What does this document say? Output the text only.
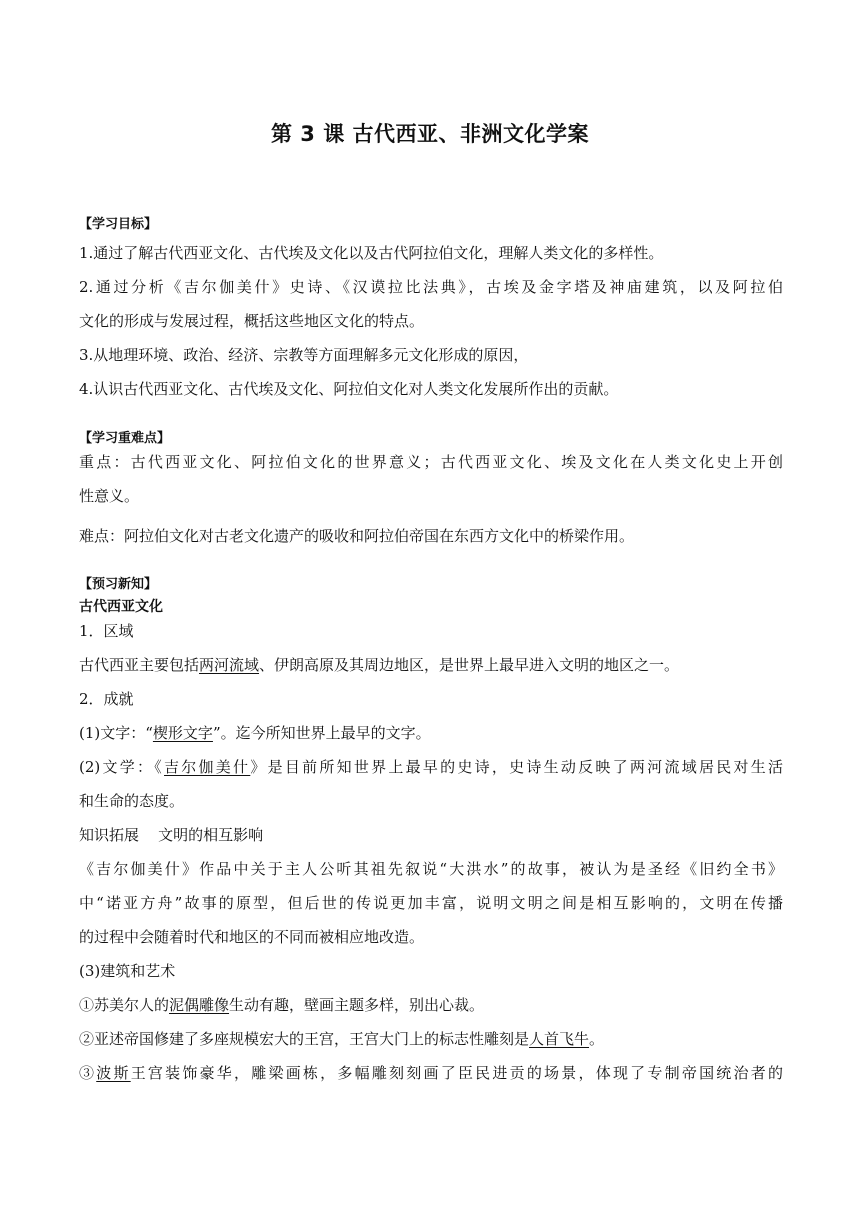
第 3 课 古代西亚、非洲文化学案

【学习目标】

1.通过了解古代西亚文化、古代埃及文化以及古代阿拉伯文化，理解人类文化的多样性。

2.通过分析《吉尔伽美什》史诗、《汉谟拉比法典》，古埃及金字塔及神庙建筑，以及阿拉伯

文化的形成与发展过程，概括这些地区文化的特点。

3.从地理环境、政治、经济、宗教等方面理解多元文化形成的原因，

4.认识古代西亚文化、古代埃及文化、阿拉伯文化对人类文化发展所作出的贡献。

【学习重难点】

重点：古代西亚文化、阿拉伯文化的世界意义；古代西亚文化、埃及文化在人类文化史上开创

性意义。

难点：阿拉伯文化对古老文化遗产的吸收和阿拉伯帝国在东西方文化中的桥梁作用。

【预习新知】

古代西亚文化

1．区域

古代西亚主要包括两河流域、伊朗高原及其周边地区，是世界上最早进入文明的地区之一。

2．成就

(1)文字：“楔形文字”。迄今所知世界上最早的文字。

(2)文学：《吉尔伽美什》是目前所知世界上最早的史诗，史诗生动反映了两河流域居民对生活

和生命的态度。

知识拓展    文明的相互影响

《吉尔伽美什》作品中关于主人公听其祖先叙说“大洪水”的故事，被认为是圣经《旧约全书》

中“诺亚方舟”故事的原型，但后世的传说更加丰富，说明文明之间是相互影响的，文明在传播

的过程中会随着时代和地区的不同而被相应地改造。

(3)建筑和艺术

①苏美尔人的泥偶雕像生动有趣，壁画主题多样，别出心裁。

②亚述帝国修建了多座规模宏大的王宫，王宫大门上的标志性雕刻是人首飞牛。

③波斯王宫装饰豪华，雕梁画栋，多幅雕刻刻画了臣民进贡的场景，体现了专制帝国统治者的
